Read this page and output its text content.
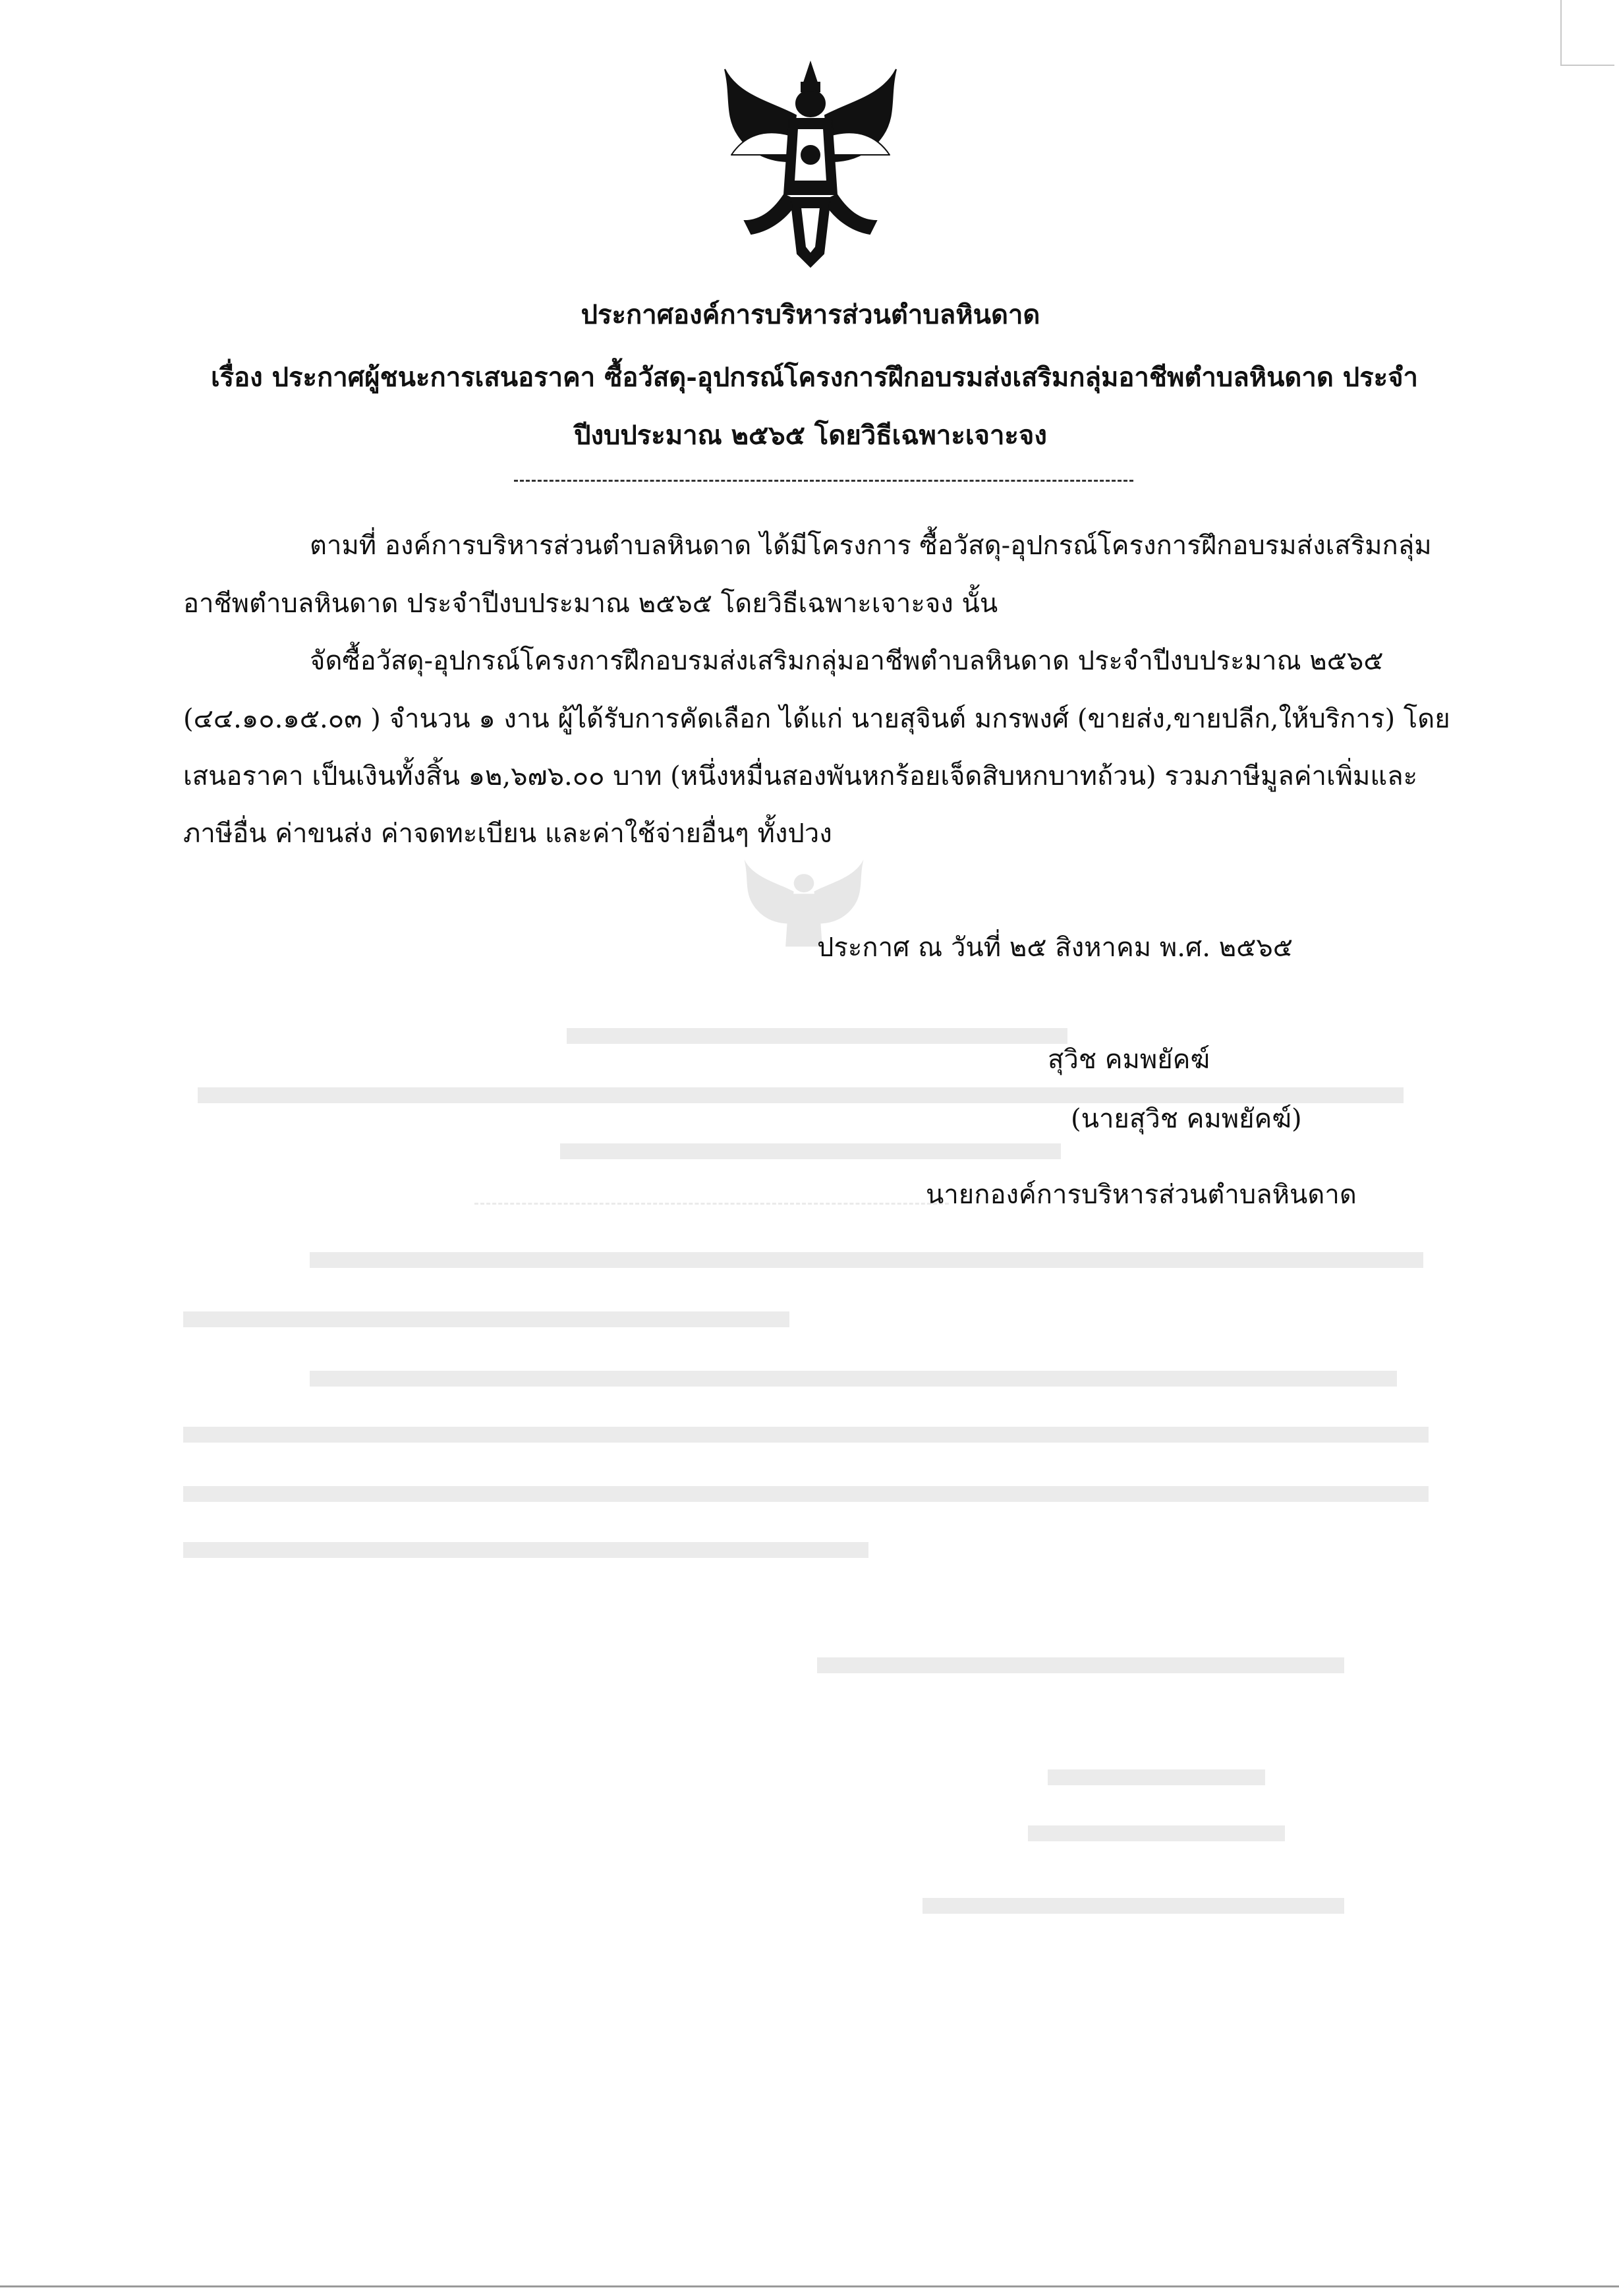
ประกาศองค์การบริหารส่วนตำบลหินดาด
เรื่อง ประกาศผู้ชนะการเสนอราคา ซื้อวัสดุ-อุปกรณ์โครงการฝึกอบรมส่งเสริมกลุ่มอาชีพตำบลหินดาด ประจำ
ปีงบประมาณ ๒๕๖๕ โดยวิธีเฉพาะเจาะจง
ตามที่ องค์การบริหารส่วนตำบลหินดาด ได้มีโครงการ ซื้อวัสดุ-อุปกรณ์โครงการฝึกอบรมส่งเสริมกลุ่ม
อาชีพตำบลหินดาด ประจำปีงบประมาณ ๒๕๖๕ โดยวิธีเฉพาะเจาะจง นั้น
จัดซื้อวัสดุ-อุปกรณ์โครงการฝึกอบรมส่งเสริมกลุ่มอาชีพตำบลหินดาด ประจำปีงบประมาณ ๒๕๖๕
(๔๔.๑๐.๑๕.๐๓ ) จำนวน ๑ งาน ผู้ได้รับการคัดเลือก ได้แก่ นายสุจินต์ มกรพงศ์ (ขายส่ง,ขายปลีก,ให้บริการ) โดย
เสนอราคา เป็นเงินทั้งสิ้น ๑๒,๖๗๖.๐๐ บาท (หนึ่งหมื่นสองพันหกร้อยเจ็ดสิบหกบาทถ้วน) รวมภาษีมูลค่าเพิ่มและ
ภาษีอื่น ค่าขนส่ง ค่าจดทะเบียน และค่าใช้จ่ายอื่นๆ ทั้งปวง
ประกาศ ณ วันที่ ๒๕ สิงหาคม พ.ศ. ๒๕๖๕
สุวิช คมพยัคฆ์
(นายสุวิช คมพยัคฆ์)
นายกองค์การบริหารส่วนตำบลหินดาด
